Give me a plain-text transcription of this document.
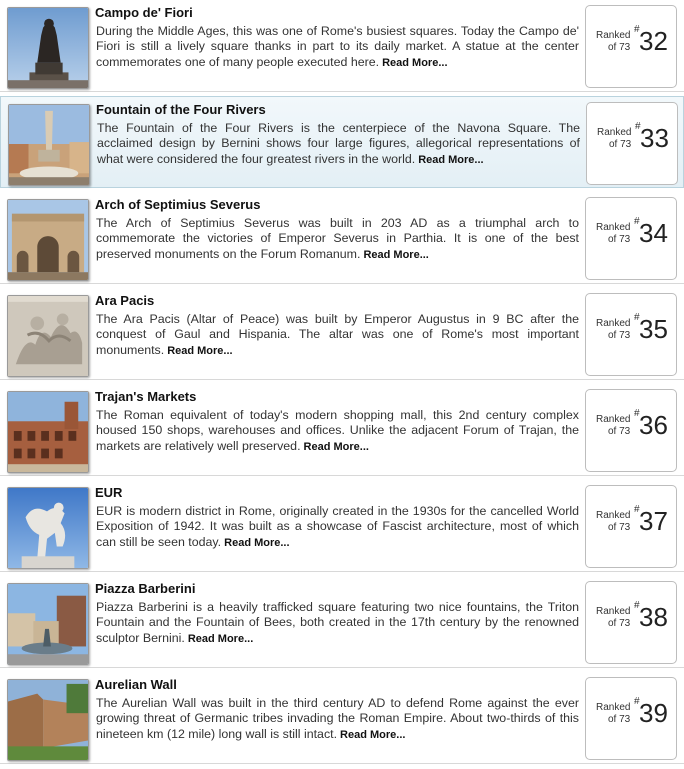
Campo de' Fiori
During the Middle Ages, this was one of Rome's busiest squares. Today the Campo de' Fiori is still a lively square thanks in part to its daily market. A statue at the center commemorates one of many people executed here. Read More...
Ranked
of 73
# 32
Fountain of the Four Rivers
The Fountain of the Four Rivers is the centerpiece of the Navona Square. The acclaimed design by Bernini shows four large figures, allegorical representations of what were considered the four greatest rivers in the world. Read More...
Ranked
of 73
# 33
Arch of Septimius Severus
The Arch of Septimius Severus was built in 203 AD as a triumphal arch to commemorate the victories of Emperor Severus in Parthia. It is one of the best preserved monuments on the Forum Romanum. Read More...
Ranked
of 73
# 34
Ara Pacis
The Ara Pacis (Altar of Peace) was built by Emperor Augustus in 9 BC after the conquest of Gaul and Hispania. The altar was one of Rome's most important monuments. Read More...
Ranked
of 73
# 35
Trajan's Markets
The Roman equivalent of today's modern shopping mall, this 2nd century complex housed 150 shops, warehouses and offices. Unlike the adjacent Forum of Trajan, the markets are relatively well preserved. Read More...
Ranked
of 73
# 36
EUR
EUR is modern district in Rome, originally created in the 1930s for the cancelled World Exposition of 1942. It was built as a showcase of Fascist architecture, most of which can still be seen today. Read More...
Ranked
of 73
# 37
Piazza Barberini
Piazza Barberini is a heavily trafficked square featuring two nice fountains, the Triton Fountain and the Fountain of Bees, both created in the 17th century by the renowned sculptor Bernini. Read More...
Ranked
of 73
# 38
Aurelian Wall
The Aurelian Wall was built in the third century AD to defend Rome against the ever growing threat of Germanic tribes invading the Roman Empire. About two-thirds of this nineteen km (12 mile) long wall is still intact. Read More...
Ranked
of 73
# 39
